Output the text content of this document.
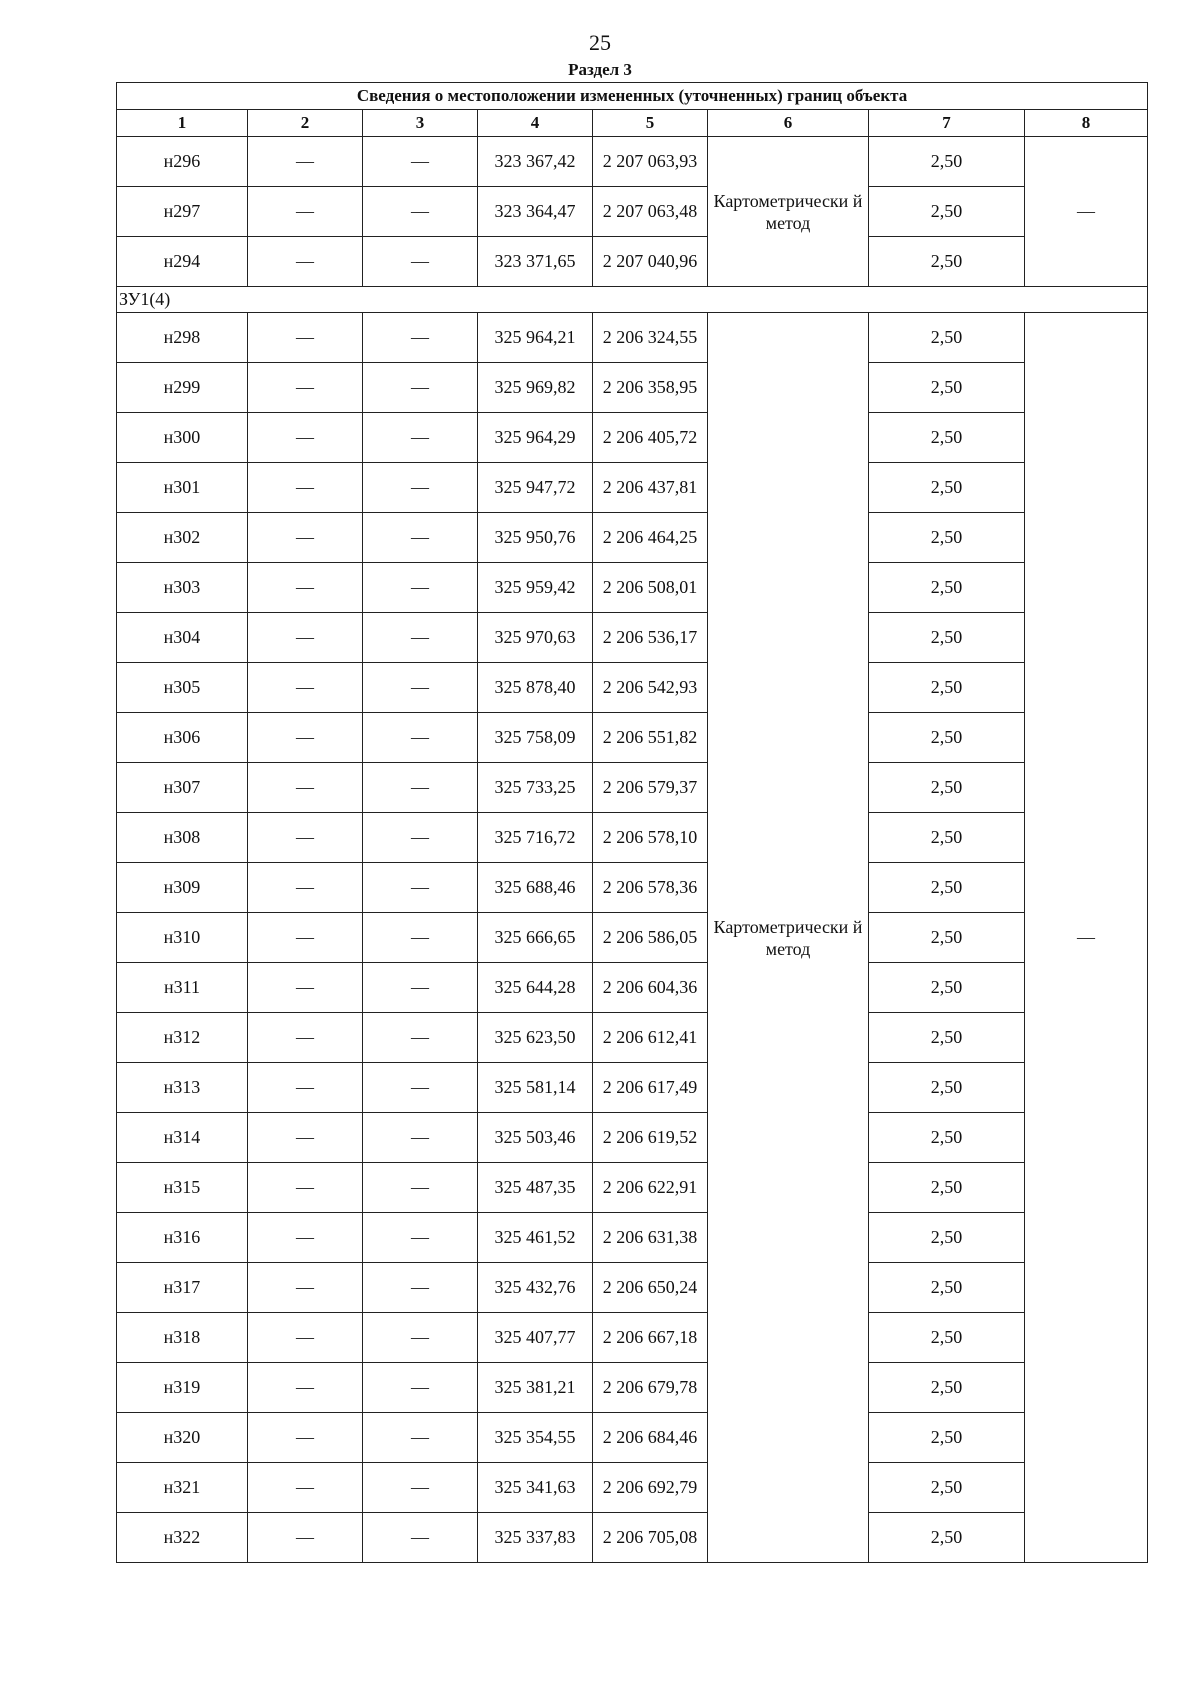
25
Раздел 3
Сведения о местоположении измененных (уточненных) границ объекта							
1	2	3	4	5	6	7	8
н296	—	—	323 367,42	2 207 063,93	Картометрически й метод	2,50	—
н297	—	—	323 364,47	2 207 063,48		2,50	
н294	—	—	323 371,65	2 207 040,96		2,50	
ЗУ1(4)							
н298	—	—	325 964,21	2 206 324,55	Картометрически й метод	2,50	—
н299	—	—	325 969,82	2 206 358,95		2,50	
н300	—	—	325 964,29	2 206 405,72		2,50	
н301	—	—	325 947,72	2 206 437,81		2,50	
н302	—	—	325 950,76	2 206 464,25		2,50	
н303	—	—	325 959,42	2 206 508,01		2,50	
н304	—	—	325 970,63	2 206 536,17		2,50	
н305	—	—	325 878,40	2 206 542,93		2,50	
н306	—	—	325 758,09	2 206 551,82		2,50	
н307	—	—	325 733,25	2 206 579,37		2,50	
н308	—	—	325 716,72	2 206 578,10		2,50	
н309	—	—	325 688,46	2 206 578,36		2,50	
н310	—	—	325 666,65	2 206 586,05		2,50	
н311	—	—	325 644,28	2 206 604,36		2,50	
н312	—	—	325 623,50	2 206 612,41		2,50	
н313	—	—	325 581,14	2 206 617,49		2,50	
н314	—	—	325 503,46	2 206 619,52		2,50	
н315	—	—	325 487,35	2 206 622,91		2,50	
н316	—	—	325 461,52	2 206 631,38		2,50	
н317	—	—	325 432,76	2 206 650,24		2,50	
н318	—	—	325 407,77	2 206 667,18		2,50	
н319	—	—	325 381,21	2 206 679,78		2,50	
н320	—	—	325 354,55	2 206 684,46		2,50	
н321	—	—	325 341,63	2 206 692,79		2,50	
н322	—	—	325 337,83	2 206 705,08		2,50	
